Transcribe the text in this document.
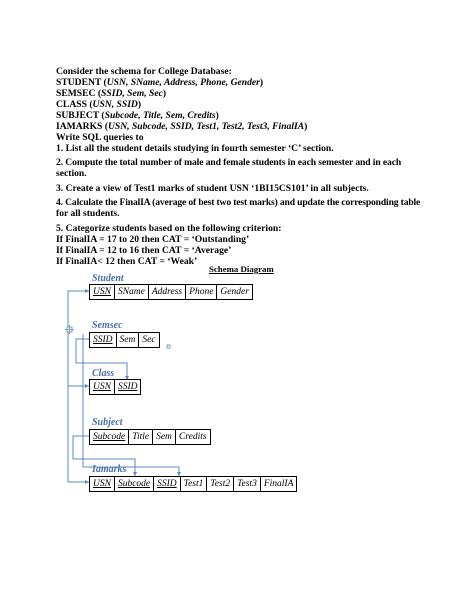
Consider the schema for College Database:
STUDENT (USN, SName, Address, Phone, Gender)
SEMSEC (SSID, Sem, Sec)
CLASS (USN, SSID)
SUBJECT (Subcode, Title, Sem, Credits)
IAMARKS (USN, Subcode, SSID, Test1, Test2, Test3, FinalIA)
Write SQL queries to
1. List all the student details studying in fourth semester ‘C’ section.
2. Compute the total number of male and female students in each semester and in each
section.
3. Create a view of Test1 marks of student USN ‘1BI15CS101’ in all subjects.
4. Calculate the FinalIA (average of best two test marks) and update the corresponding table
for all students.
5. Categorize students based on the following criterion:
If FinalIA = 17 to 20 then CAT = ‘Outstanding’
If FinalIA = 12 to 16 then CAT = ‘Average’
If FinalIA< 12 then CAT = ‘Weak’
Schema Diagram
Student
USN SName Address Phone Gender
Semsec
SSID Sem Sec
Class
USN SSID
Subject
Subcode Title Sem Credits
Iamarks
USN Subcode SSID Test1 Test2 Test3 FinalIA
